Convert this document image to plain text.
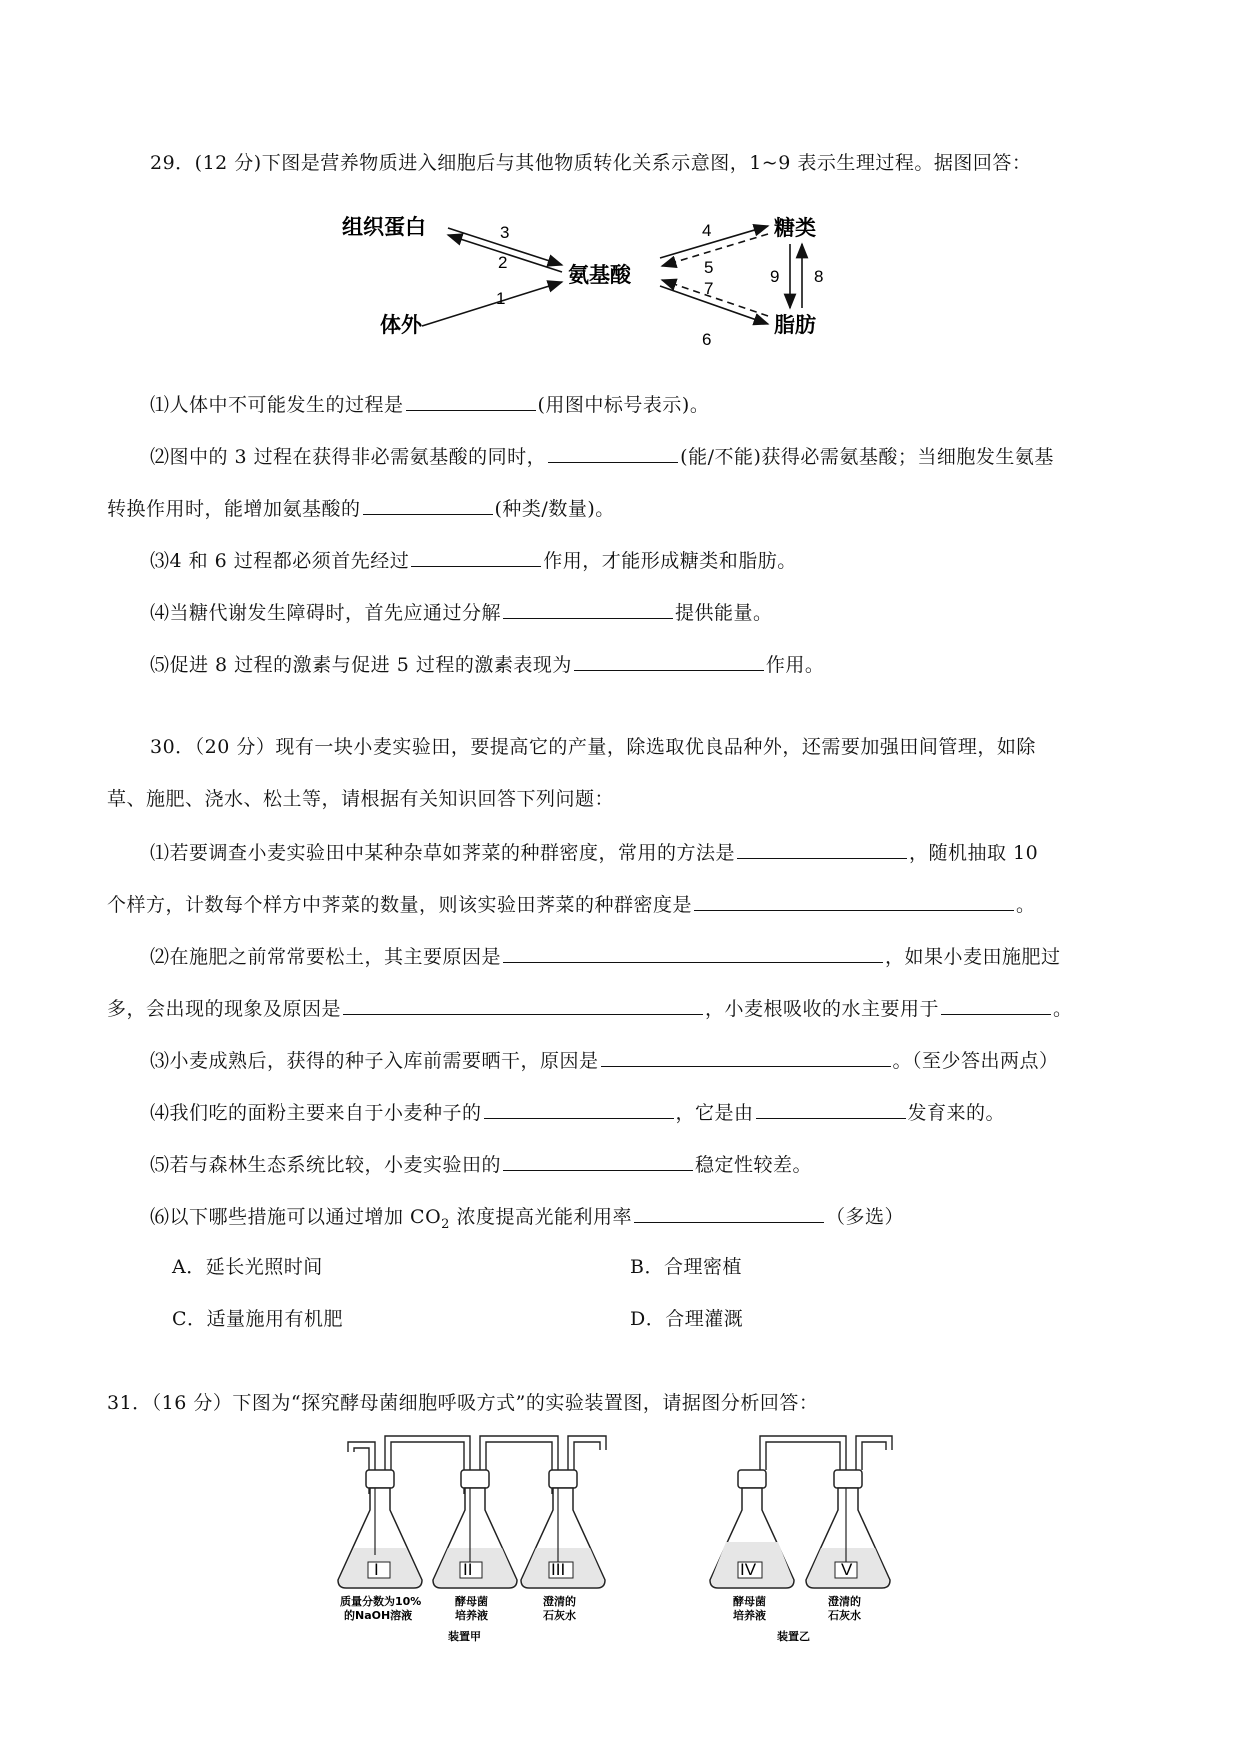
29．(12 分)下图是营养物质进入细胞后与其他物质转化关系示意图，1~9 表示生理过程。据图回答：
组织蛋白
体外
氨基酸
糖类
脂肪
3
2
1
4
5
7
6
9 8
⑴人体中不可能发生的过程是	(用图中标号表示)。
⑵图中的 3 过程在获得非必需氨基酸的同时，	(能/不能)获得必需氨基酸；当细胞发生氨基
转换作用时，能增加氨基酸的	(种类/数量)。
⑶4 和 6 过程都必须首先经过	作用，才能形成糖类和脂肪。
⑷当糖代谢发生障碍时，首先应通过分解	提供能量。
⑸促进 8 过程的激素与促进 5 过程的激素表现为	作用。
30．（20 分）现有一块小麦实验田，要提高它的产量，除选取优良品种外，还需要加强田间管理，如除
草、施肥、浇水、松土等，请根据有关知识回答下列问题：
⑴若要调查小麦实验田中某种杂草如荠菜的种群密度，常用的方法是	，随机抽取 10
个样方，计数每个样方中荠菜的数量，则该实验田荠菜的种群密度是	。
⑵在施肥之前常常要松土，其主要原因是	，如果小麦田施肥过
多，会出现的现象及原因是	，小麦根吸收的水主要用于	。
⑶小麦成熟后，获得的种子入库前需要晒干，原因是	。（至少答出两点）
⑷我们吃的面粉主要来自于小麦种子的	，它是由	发育来的。
⑸若与森林生态系统比较，小麦实验田的	稳定性较差。
⑹以下哪些措施可以通过增加 $CO_2$ 浓度提高光能利用率	（多选）
A．延长光照时间	B．合理密植
C．适量施用有机肥	D．合理灌溉
31．（16 分）下图为“探究酵母菌细胞呼吸方式”的实验装置图，请据图分析回答：
I	II	III
质量分数为10%
的NaOH溶液
酵母菌
培养液
澄清的
石灰水
装置甲
IV	V
酵母菌
培养液
澄清的
石灰水
装置乙
